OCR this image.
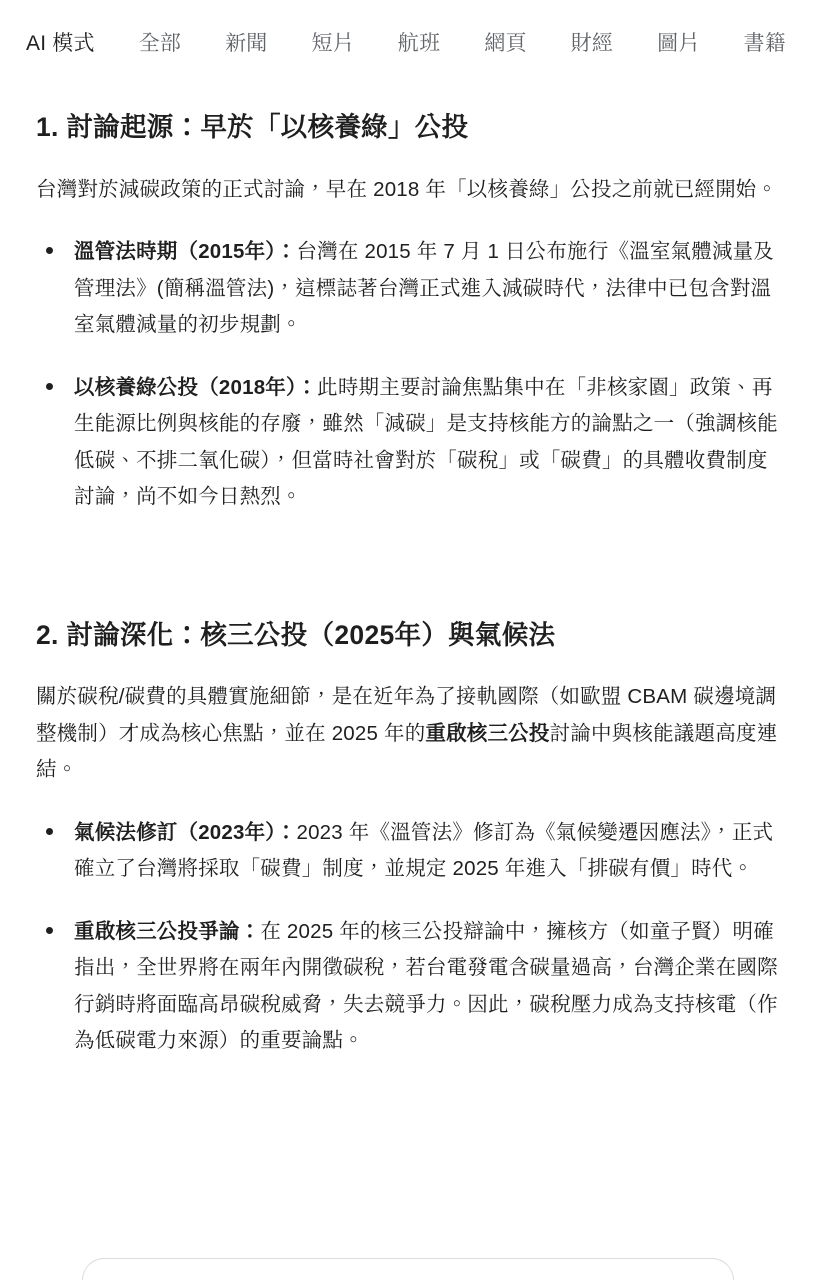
AI 模式	全部	新聞	短片	航班	網頁	財經	圖片	書籍
1. 討論起源：早於「以核養綠」公投

台灣對於減碳政策的正式討論，早在 2018 年「以核養綠」公投之前就已經開始。

溫管法時期（2015年）：台灣在 2015 年 7 月 1 日公布施行《溫室氣體減量及管理法》(簡稱溫管法)，這標誌著台灣正式進入減碳時代，法律中已包含對溫室氣體減量的初步規劃。
以核養綠公投（2018年）：此時期主要討論焦點集中在「非核家園」政策、再生能源比例與核能的存廢，雖然「減碳」是支持核能方的論點之一（強調核能低碳、不排二氧化碳），但當時社會對於「碳稅」或「碳費」的具體收費制度討論，尚不如今日熱烈。
2. 討論深化：核三公投（2025年）與氣候法

關於碳稅/碳費的具體實施細節，是在近年為了接軌國際（如歐盟 CBAM 碳邊境調整機制）才成為核心焦點，並在 2025 年的重啟核三公投討論中與核能議題高度連結。

氣候法修訂（2023年）：2023 年《溫管法》修訂為《氣候變遷因應法》，正式確立了台灣將採取「碳費」制度，並規定 2025 年進入「排碳有價」時代。
重啟核三公投爭論：在 2025 年的核三公投辯論中，擁核方（如童子賢）明確指出，全世界將在兩年內開徵碳稅，若台電發電含碳量過高，台灣企業在國際行銷時將面臨高昂碳稅威脅，失去競爭力。因此，碳稅壓力成為支持核電（作為低碳電力來源）的重要論點。
